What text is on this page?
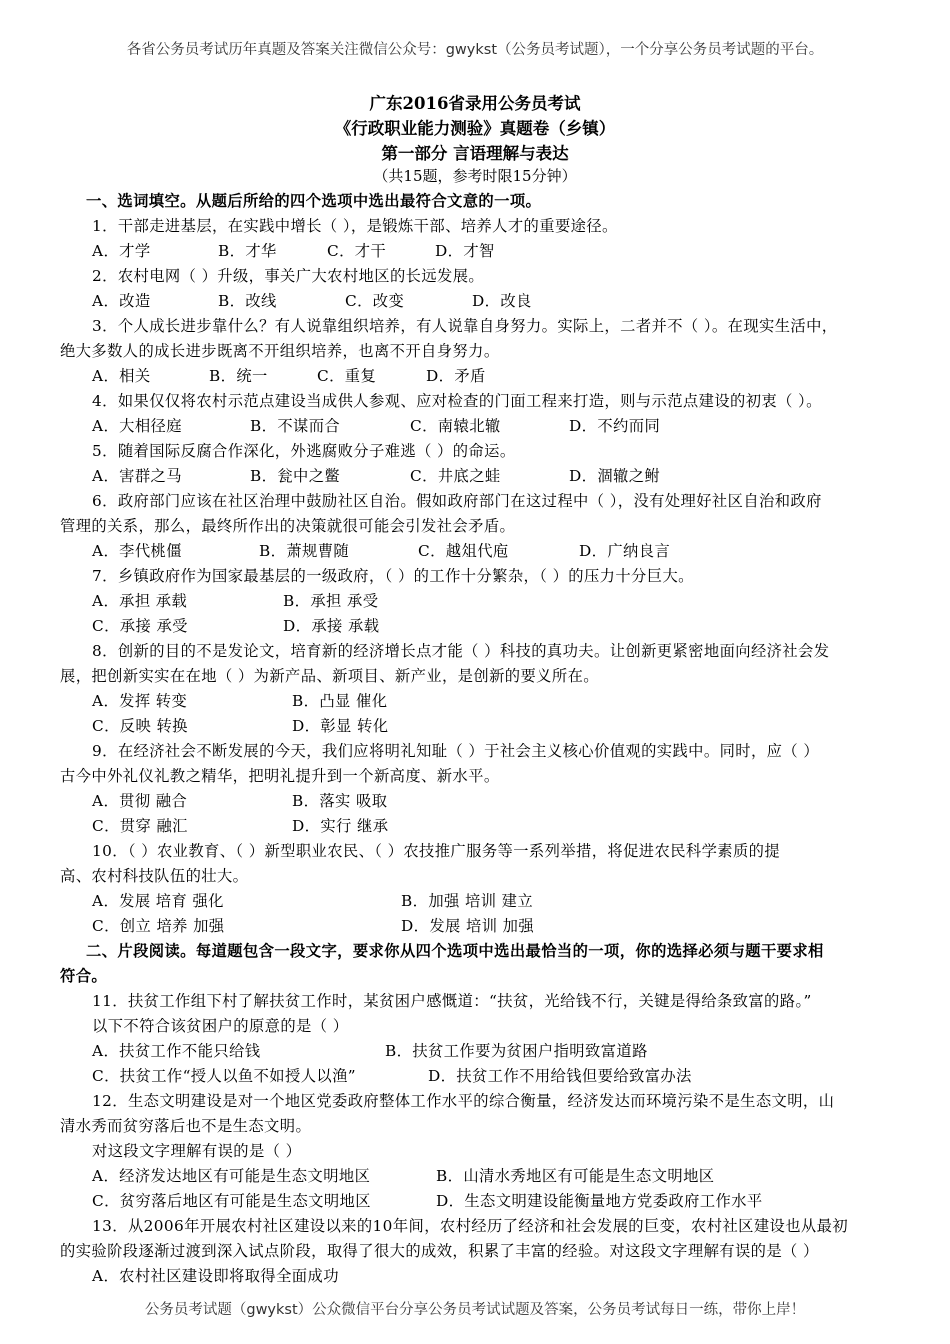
各省公务员考试历年真题及答案关注微信公众号：gwykst（公务员考试题），一个分享公务员考试题的平台。
广东2016省录用公务员考试
《行政职业能力测验》真题卷（乡镇）
第一部分 言语理解与表达
（共15题，参考时限15分钟）
一、选词填空。从题后所给的四个选项中选出最符合文意的一项。
1．干部走进基层，在实践中增长（ ），是锻炼干部、培养人才的重要途径。
A．才学	B．才华	C．才干	D．才智
2．农村电网（ ）升级，事关广大农村地区的长远发展。
A．改造	B．改线	C．改变	D．改良
3．个人成长进步靠什么？有人说靠组织培养，有人说靠自身努力。实际上，二者并不（ ）。在现实生活中，
绝大多数人的成长进步既离不开组织培养，也离不开自身努力。
A．相关	B．统一	C．重复	D．矛盾
4．如果仅仅将农村示范点建设当成供人参观、应对检查的门面工程来打造，则与示范点建设的初衷（ ）。
A．大相径庭	B．不谋而合	C．南辕北辙	D．不约而同
5．随着国际反腐合作深化，外逃腐败分子难逃（ ）的命运。
A．害群之马	B．瓮中之鳖	C．井底之蛙	D．涸辙之鲋
6．政府部门应该在社区治理中鼓励社区自治。假如政府部门在这过程中（ ），没有处理好社区自治和政府
管理的关系，那么，最终所作出的决策就很可能会引发社会矛盾。
A．李代桃僵	B．萧规曹随	C．越俎代庖	D．广纳良言
7．乡镇政府作为国家最基层的一级政府，（ ）的工作十分繁杂，（ ）的压力十分巨大。
A．承担 承载	B．承担 承受
C．承接 承受	D．承接 承载
8．创新的目的不是发论文，培育新的经济增长点才能（ ）科技的真功夫。让创新更紧密地面向经济社会发
展，把创新实实在在地（ ）为新产品、新项目、新产业，是创新的要义所在。
A．发挥 转变	B．凸显 催化
C．反映 转换	D．彰显 转化
9．在经济社会不断发展的今天，我们应将明礼知耻（ ）于社会主义核心价值观的实践中。同时，应（ ）
古今中外礼仪礼教之精华，把明礼提升到一个新高度、新水平。
A．贯彻 融合	B．落实 吸取
C．贯穿 融汇	D．实行 继承
10．（ ）农业教育、（ ）新型职业农民、（ ）农技推广服务等一系列举措，将促进农民科学素质的提
高、农村科技队伍的壮大。
A．发展 培育 强化	B．加强 培训 建立
C．创立 培养 加强	D．发展 培训 加强
二、片段阅读。每道题包含一段文字，要求你从四个选项中选出最恰当的一项，你的选择必须与题干要求相
符合。
11．扶贫工作组下村了解扶贫工作时，某贫困户感慨道：“扶贫，光给钱不行，关键是得给条致富的路。”
以下不符合该贫困户的原意的是（ ）
A．扶贫工作不能只给钱	B．扶贫工作要为贫困户指明致富道路
C．扶贫工作“授人以鱼不如授人以渔”	D．扶贫工作不用给钱但要给致富办法
12．生态文明建设是对一个地区党委政府整体工作水平的综合衡量，经济发达而环境污染不是生态文明，山
清水秀而贫穷落后也不是生态文明。
对这段文字理解有误的是（ ）
A．经济发达地区有可能是生态文明地区	B．山清水秀地区有可能是生态文明地区
C．贫穷落后地区有可能是生态文明地区	D．生态文明建设能衡量地方党委政府工作水平
13．从2006年开展农村社区建设以来的10年间，农村经历了经济和社会发展的巨变，农村社区建设也从最初
的实验阶段逐渐过渡到深入试点阶段，取得了很大的成效，积累了丰富的经验。对这段文字理解有误的是（ ）
A．农村社区建设即将取得全面成功
公务员考试题（gwykst）公众微信平台分享公务员考试试题及答案，公务员考试每日一练，带你上岸！
